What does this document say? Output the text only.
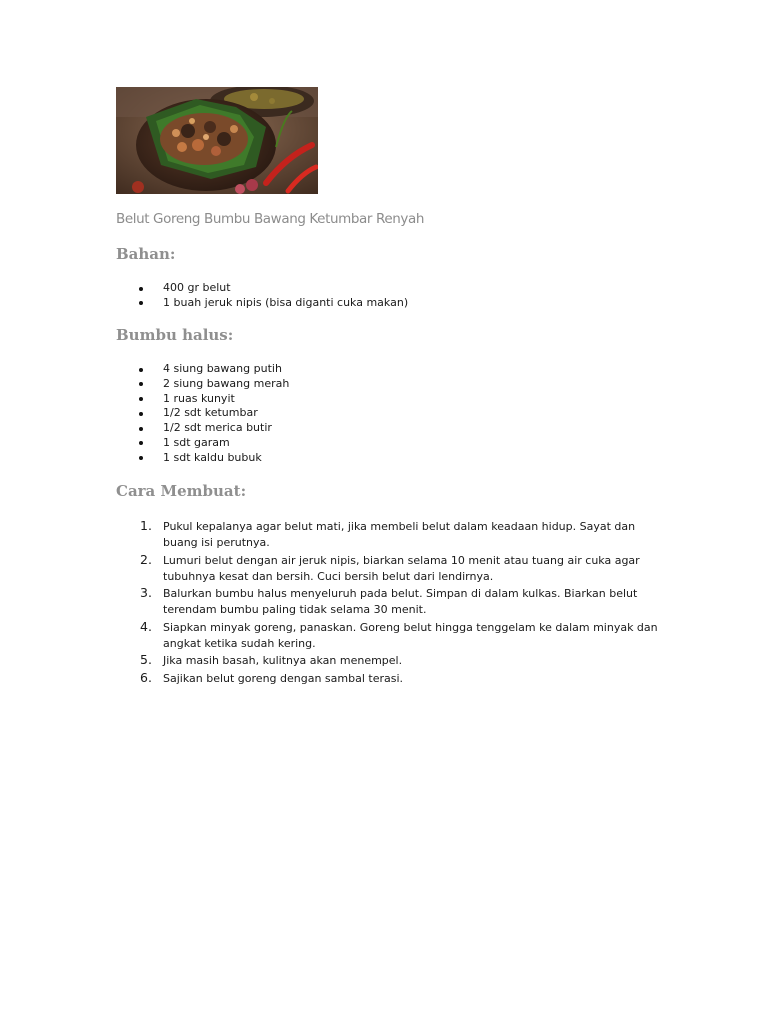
Belut Goreng Bumbu Bawang Ketumbar Renyah
Bahan:
400 gr belut
1 buah jeruk nipis (bisa diganti cuka makan)
Bumbu halus:
4 siung bawang putih
2 siung bawang merah
1 ruas kunyit
1/2 sdt ketumbar
1/2 sdt merica butir
1 sdt garam
1 sdt kaldu bubuk
Cara Membuat:
1. Pukul kepalanya agar belut mati, jika membeli belut dalam keadaan hidup. Sayat dan buang isi perutnya.
2. Lumuri belut dengan air jeruk nipis, biarkan selama 10 menit atau tuang air cuka agar tubuhnya kesat dan bersih. Cuci bersih belut dari lendirnya.
3. Balurkan bumbu halus menyeluruh pada belut. Simpan di dalam kulkas. Biarkan belut terendam bumbu paling tidak selama 30 menit.
4. Siapkan minyak goreng, panaskan. Goreng belut hingga tenggelam ke dalam minyak dan angkat ketika sudah kering.
5. Jika masih basah, kulitnya akan menempel.
6. Sajikan belut goreng dengan sambal terasi.
